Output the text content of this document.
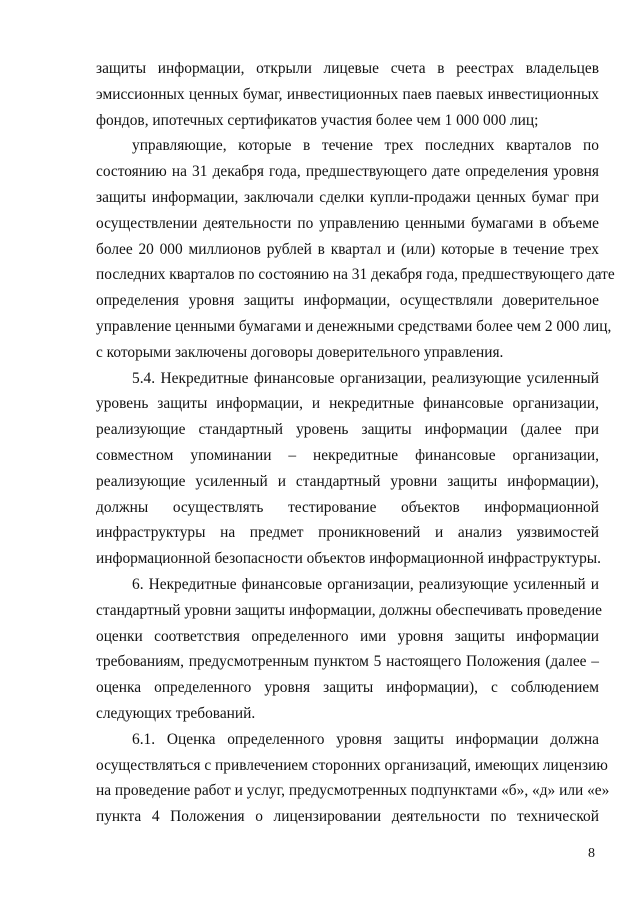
защиты информации, открыли лицевые счета в реестрах владельцев
эмиссионных ценных бумаг, инвестиционных паев паевых инвестиционных
фондов, ипотечных сертификатов участия более чем 1 000 000 лиц;

управляющие, которые в течение трех последних кварталов по
состоянию на 31 декабря года, предшествующего дате определения уровня
защиты информации, заключали сделки купли-продажи ценных бумаг при
осуществлении деятельности по управлению ценными бумагами в объеме
более 20 000 миллионов рублей в квартал и (или) которые в течение трех
последних кварталов по состоянию на 31 декабря года, предшествующего дате
определения уровня защиты информации, осуществляли доверительное
управление ценными бумагами и денежными средствами более чем 2 000 лиц,
с которыми заключены договоры доверительного управления.

5.4. Некредитные финансовые организации, реализующие усиленный
уровень защиты информации, и некредитные финансовые организации,
реализующие стандартный уровень защиты информации (далее при
совместном упоминании – некредитные финансовые организации,
реализующие усиленный и стандартный уровни защиты информации),
должны осуществлять тестирование объектов информационной
инфраструктуры на предмет проникновений и анализ уязвимостей
информационной безопасности объектов информационной инфраструктуры.

6. Некредитные финансовые организации, реализующие усиленный и
стандартный уровни защиты информации, должны обеспечивать проведение
оценки соответствия определенного ими уровня защиты информации
требованиям, предусмотренным пунктом 5 настоящего Положения (далее –
оценка определенного уровня защиты информации), с соблюдением
следующих требований.

6.1. Оценка определенного уровня защиты информации должна
осуществляться с привлечением сторонних организаций, имеющих лицензию
на проведение работ и услуг, предусмотренных подпунктами «б», «д» или «е»
пункта 4 Положения о лицензировании деятельности по технической

8
